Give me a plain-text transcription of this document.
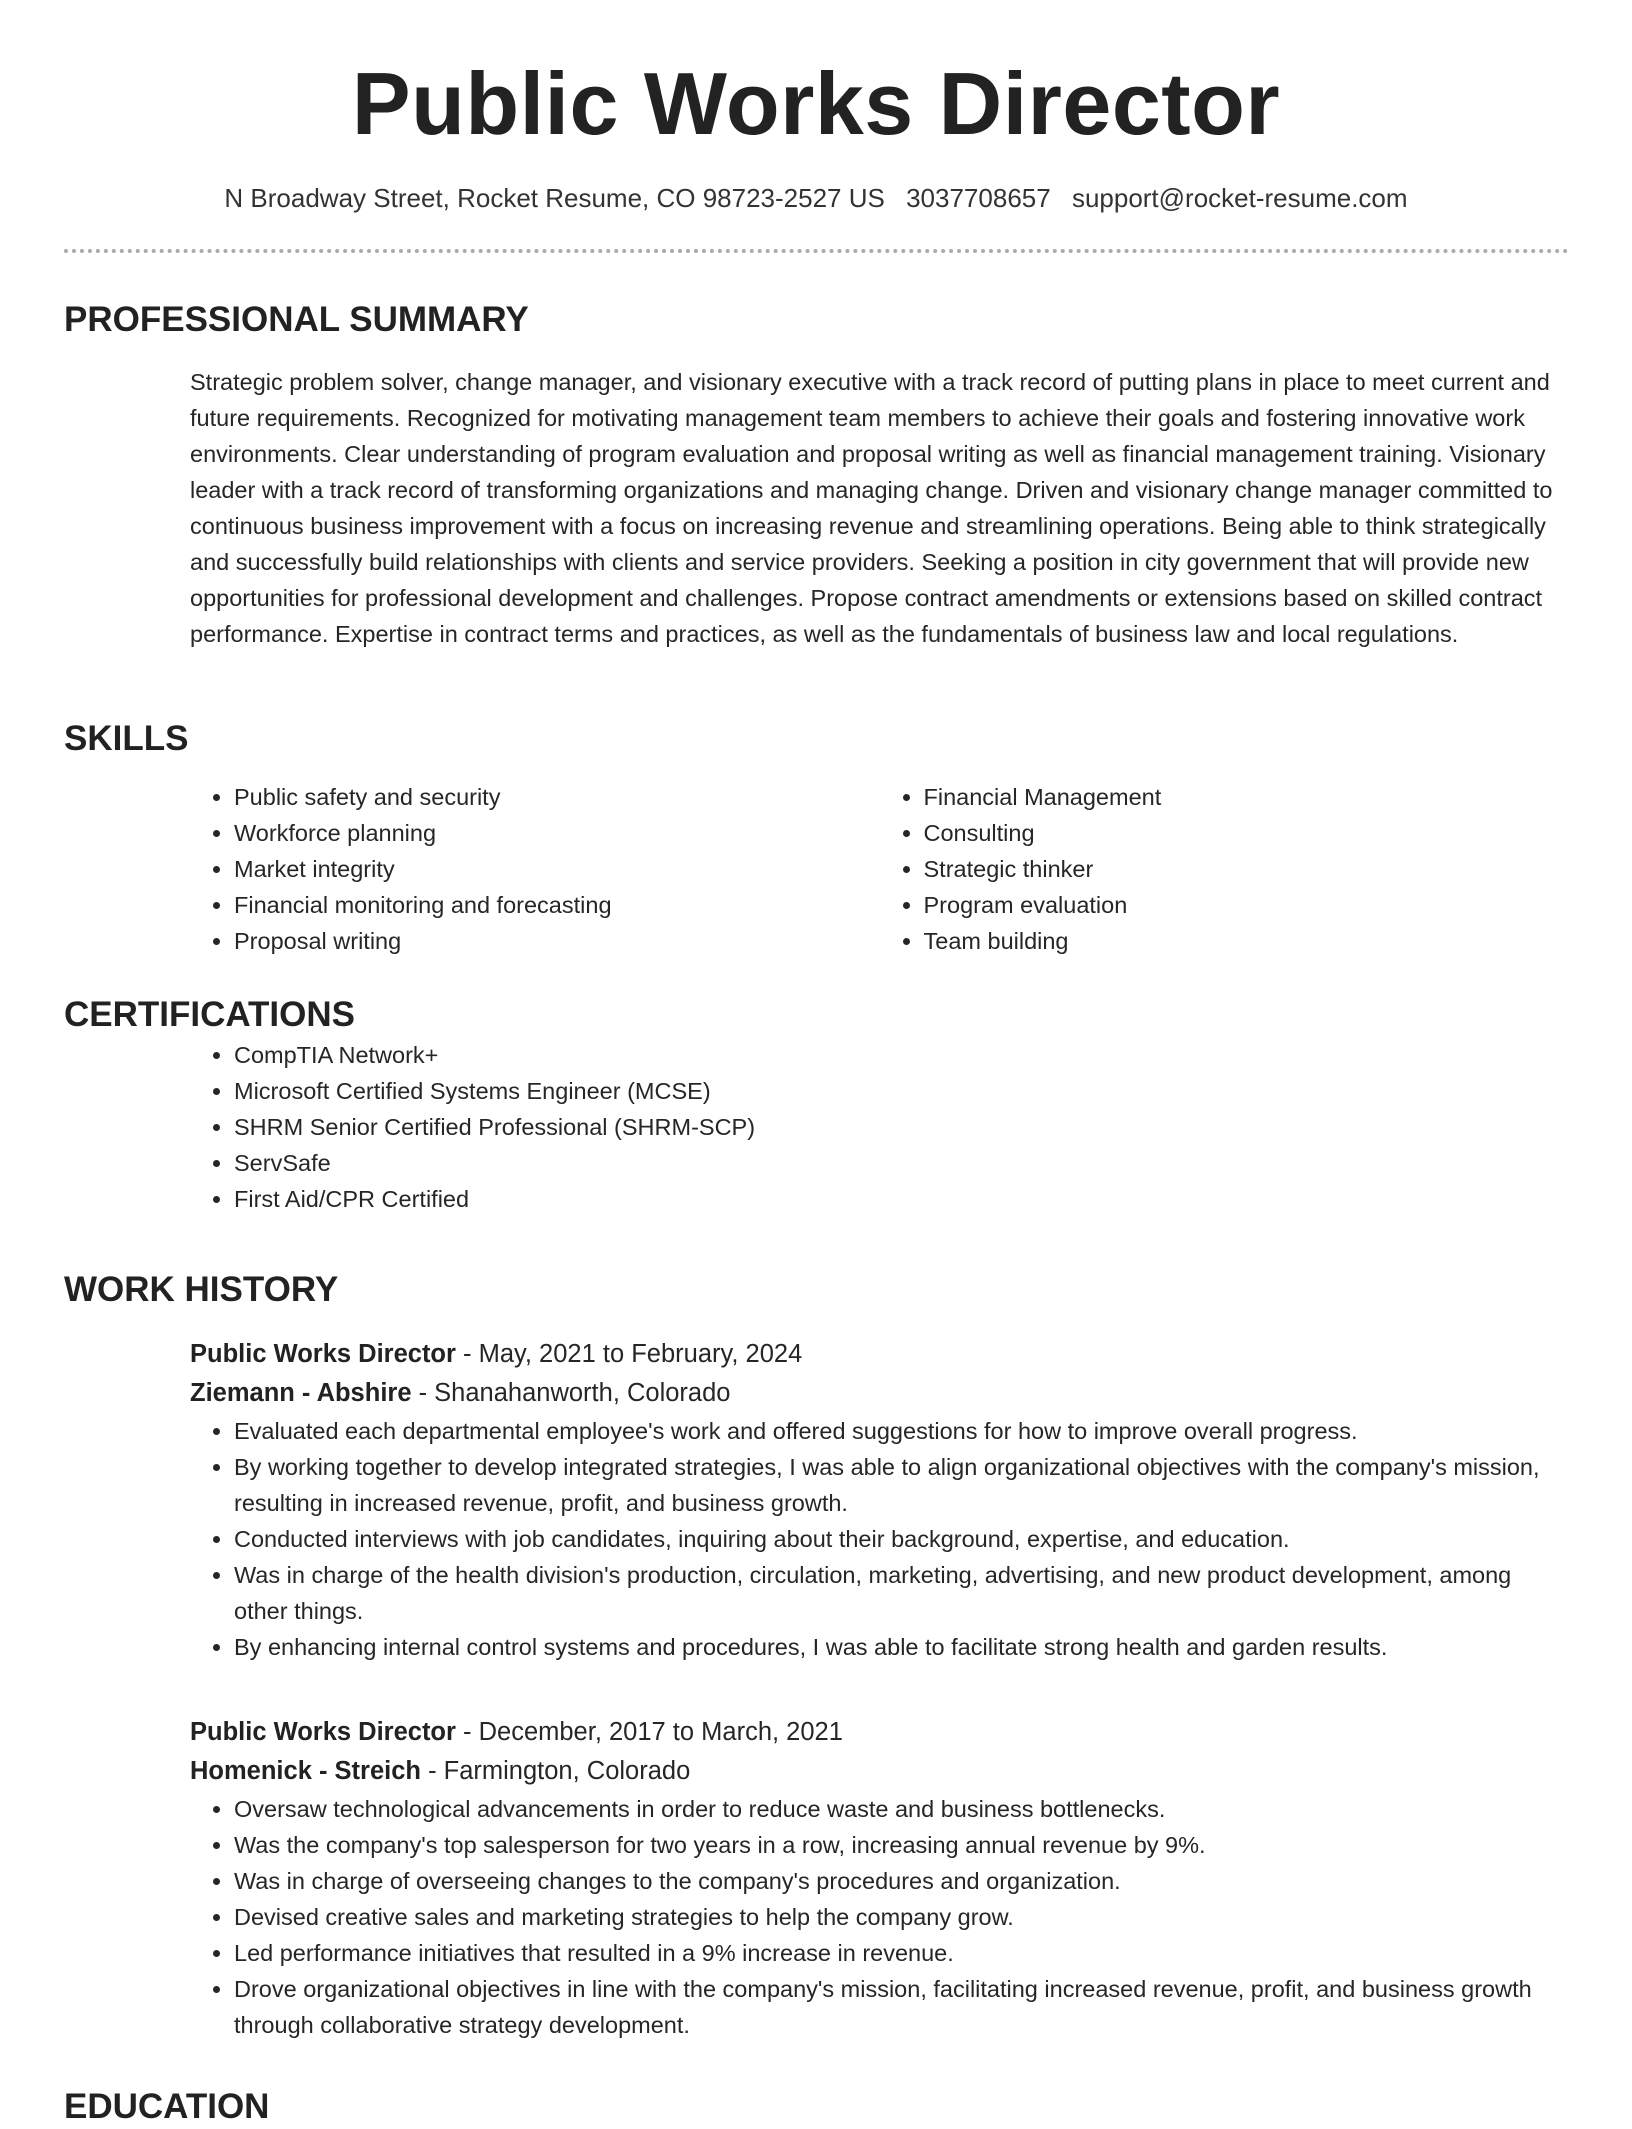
Public Works Director
N Broadway Street, Rocket Resume, CO 98723-2527 US 3037708657 support@rocket-resume.com
PROFESSIONAL SUMMARY

Strategic problem solver, change manager, and visionary executive with a track record of putting plans in place to meet current and future requirements. Recognized for motivating management team members to achieve their goals and fostering innovative work environments. Clear understanding of program evaluation and proposal writing as well as financial management training. Visionary leader with a track record of transforming organizations and managing change. Driven and visionary change manager committed to continuous business improvement with a focus on increasing revenue and streamlining operations. Being able to think strategically and successfully build relationships with clients and service providers. Seeking a position in city government that will provide new opportunities for professional development and challenges. Propose contract amendments or extensions based on skilled contract performance. Expertise in contract terms and practices, as well as the fundamentals of business law and local regulations.

SKILLS
• Public safety and security
• Workforce planning
• Market integrity
• Financial monitoring and forecasting
• Proposal writing
• Financial Management
• Consulting
• Strategic thinker
• Program evaluation
• Team building
CERTIFICATIONS
• CompTIA Network+
• Microsoft Certified Systems Engineer (MCSE)
• SHRM Senior Certified Professional (SHRM-SCP)
• ServSafe
• First Aid/CPR Certified
WORK HISTORY
Public Works Director - May, 2021 to February, 2024
Ziemann - Abshire - Shanahanworth, Colorado
• Evaluated each departmental employee's work and offered suggestions for how to improve overall progress.
• By working together to develop integrated strategies, I was able to align organizational objectives with the company's mission, resulting in increased revenue, profit, and business growth.
• Conducted interviews with job candidates, inquiring about their background, expertise, and education.
• Was in charge of the health division's production, circulation, marketing, advertising, and new product development, among other things.
• By enhancing internal control systems and procedures, I was able to facilitate strong health and garden results.
Public Works Director - December, 2017 to March, 2021
Homenick - Streich - Farmington, Colorado
• Oversaw technological advancements in order to reduce waste and business bottlenecks.
• Was the company's top salesperson for two years in a row, increasing annual revenue by 9%.
• Was in charge of overseeing changes to the company's procedures and organization.
• Devised creative sales and marketing strategies to help the company grow.
• Led performance initiatives that resulted in a 9% increase in revenue.
• Drove organizational objectives in line with the company's mission, facilitating increased revenue, profit, and business growth through collaborative strategy development.
EDUCATION
